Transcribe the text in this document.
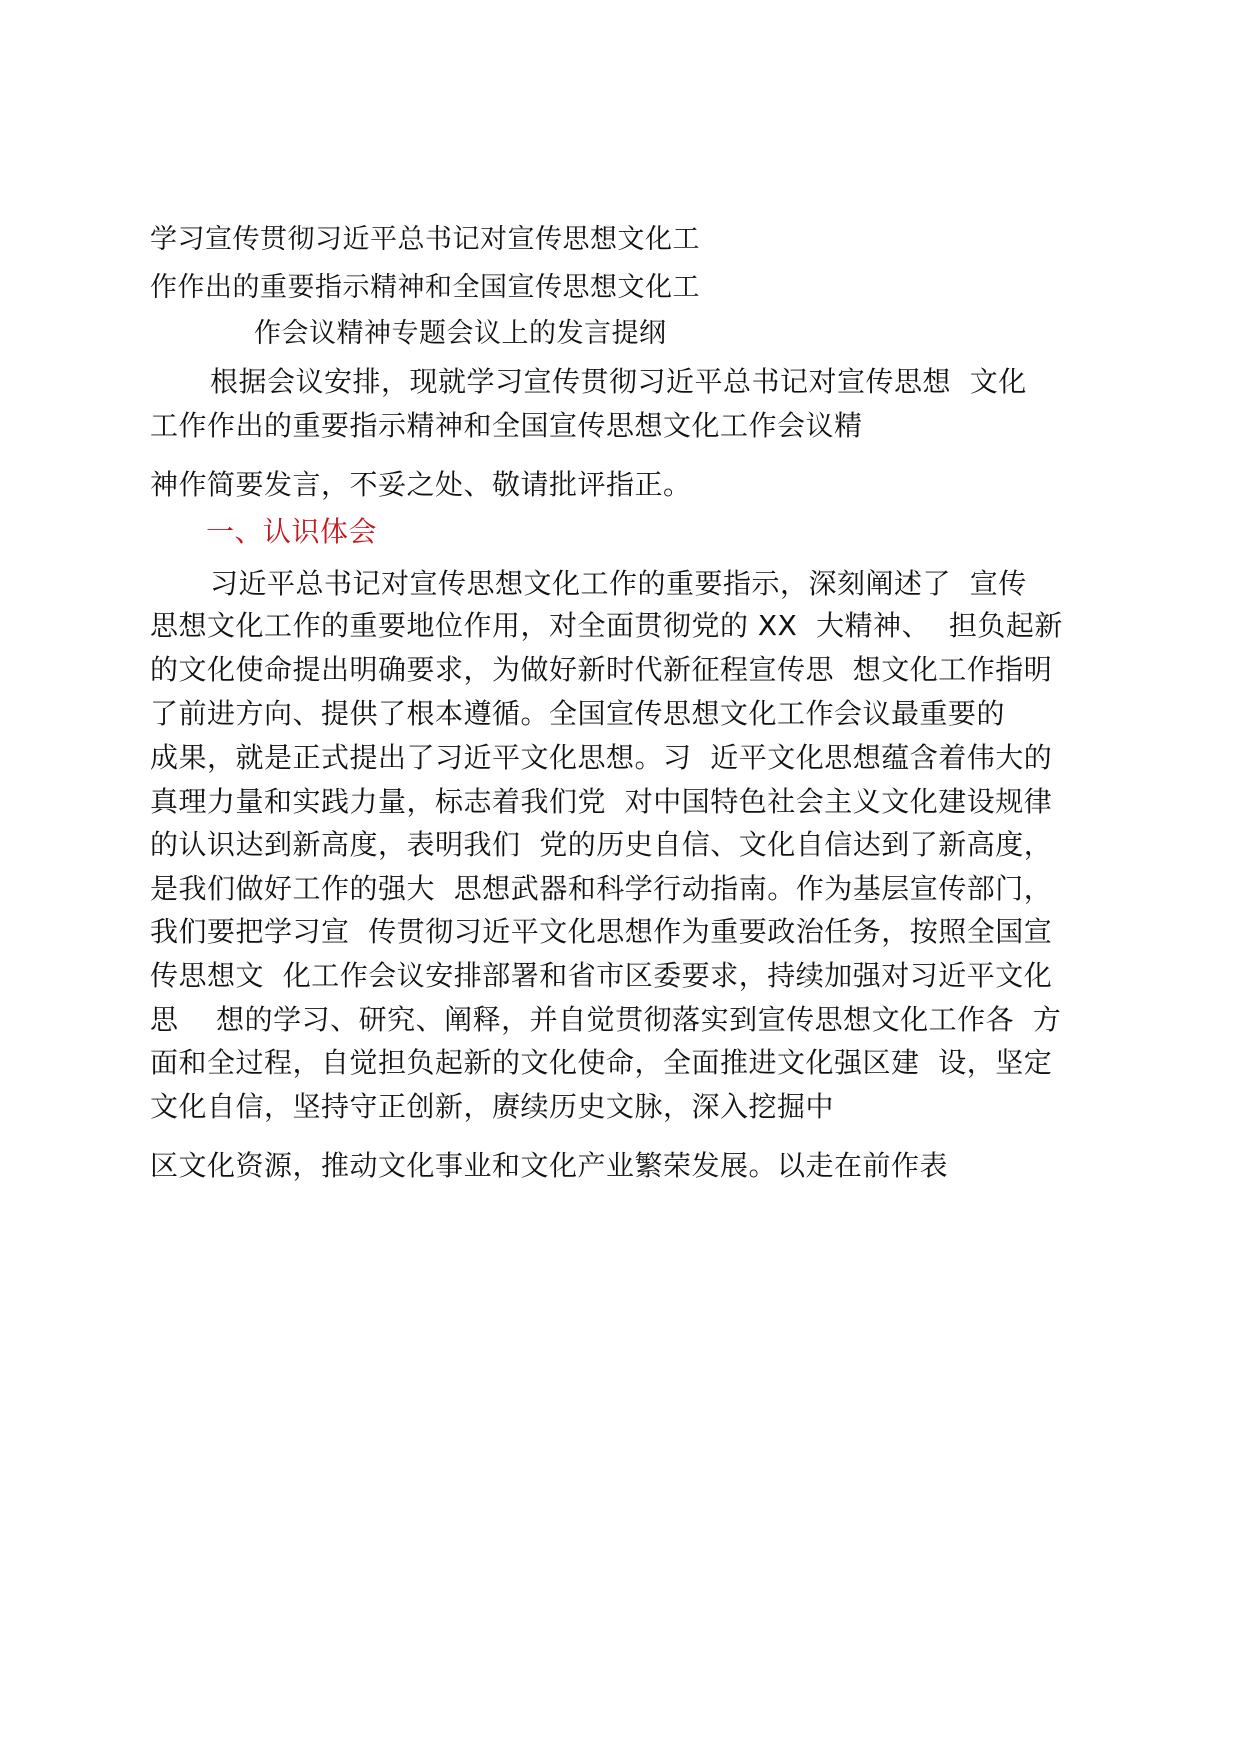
学习宣传贯彻习近平总书记对宣传思想文化工
作作出的重要指示精神和全国宣传思想文化工
作会议精神专题会议上的发言提纲
根据会议安排，现就学习宣传贯彻习近平总书记对宣传思想  文化
工作作出的重要指示精神和全国宣传思想文化工作会议精
神作简要发言，不妥之处、敬请批评指正。
一、认识体会
习近平总书记对宣传思想文化工作的重要指示，深刻阐述了  宣传
思想文化工作的重要地位作用，对全面贯彻党的 XX  大精神、  担负起新
的文化使命提出明确要求，为做好新时代新征程宣传思  想文化工作指明
了前进方向、提供了根本遵循。全国宣传思想文化工作会议最重要的
成果，就是正式提出了习近平文化思想。习  近平文化思想蕴含着伟大的
真理力量和实践力量，标志着我们党  对中国特色社会主义文化建设规律
的认识达到新高度，表明我们  党的历史自信、文化自信达到了新高度，
是我们做好工作的强大  思想武器和科学行动指南。作为基层宣传部门，
我们要把学习宣  传贯彻习近平文化思想作为重要政治任务，按照全国宣
传思想文  化工作会议安排部署和省市区委要求，持续加强对习近平文化
思    想的学习、研究、阐释，并自觉贯彻落实到宣传思想文化工作各  方
面和全过程，自觉担负起新的文化使命，全面推进文化强区建  设，坚定
文化自信，坚持守正创新，赓续历史文脉，深入挖掘中
区文化资源，推动文化事业和文化产业繁荣发展。以走在前作表
